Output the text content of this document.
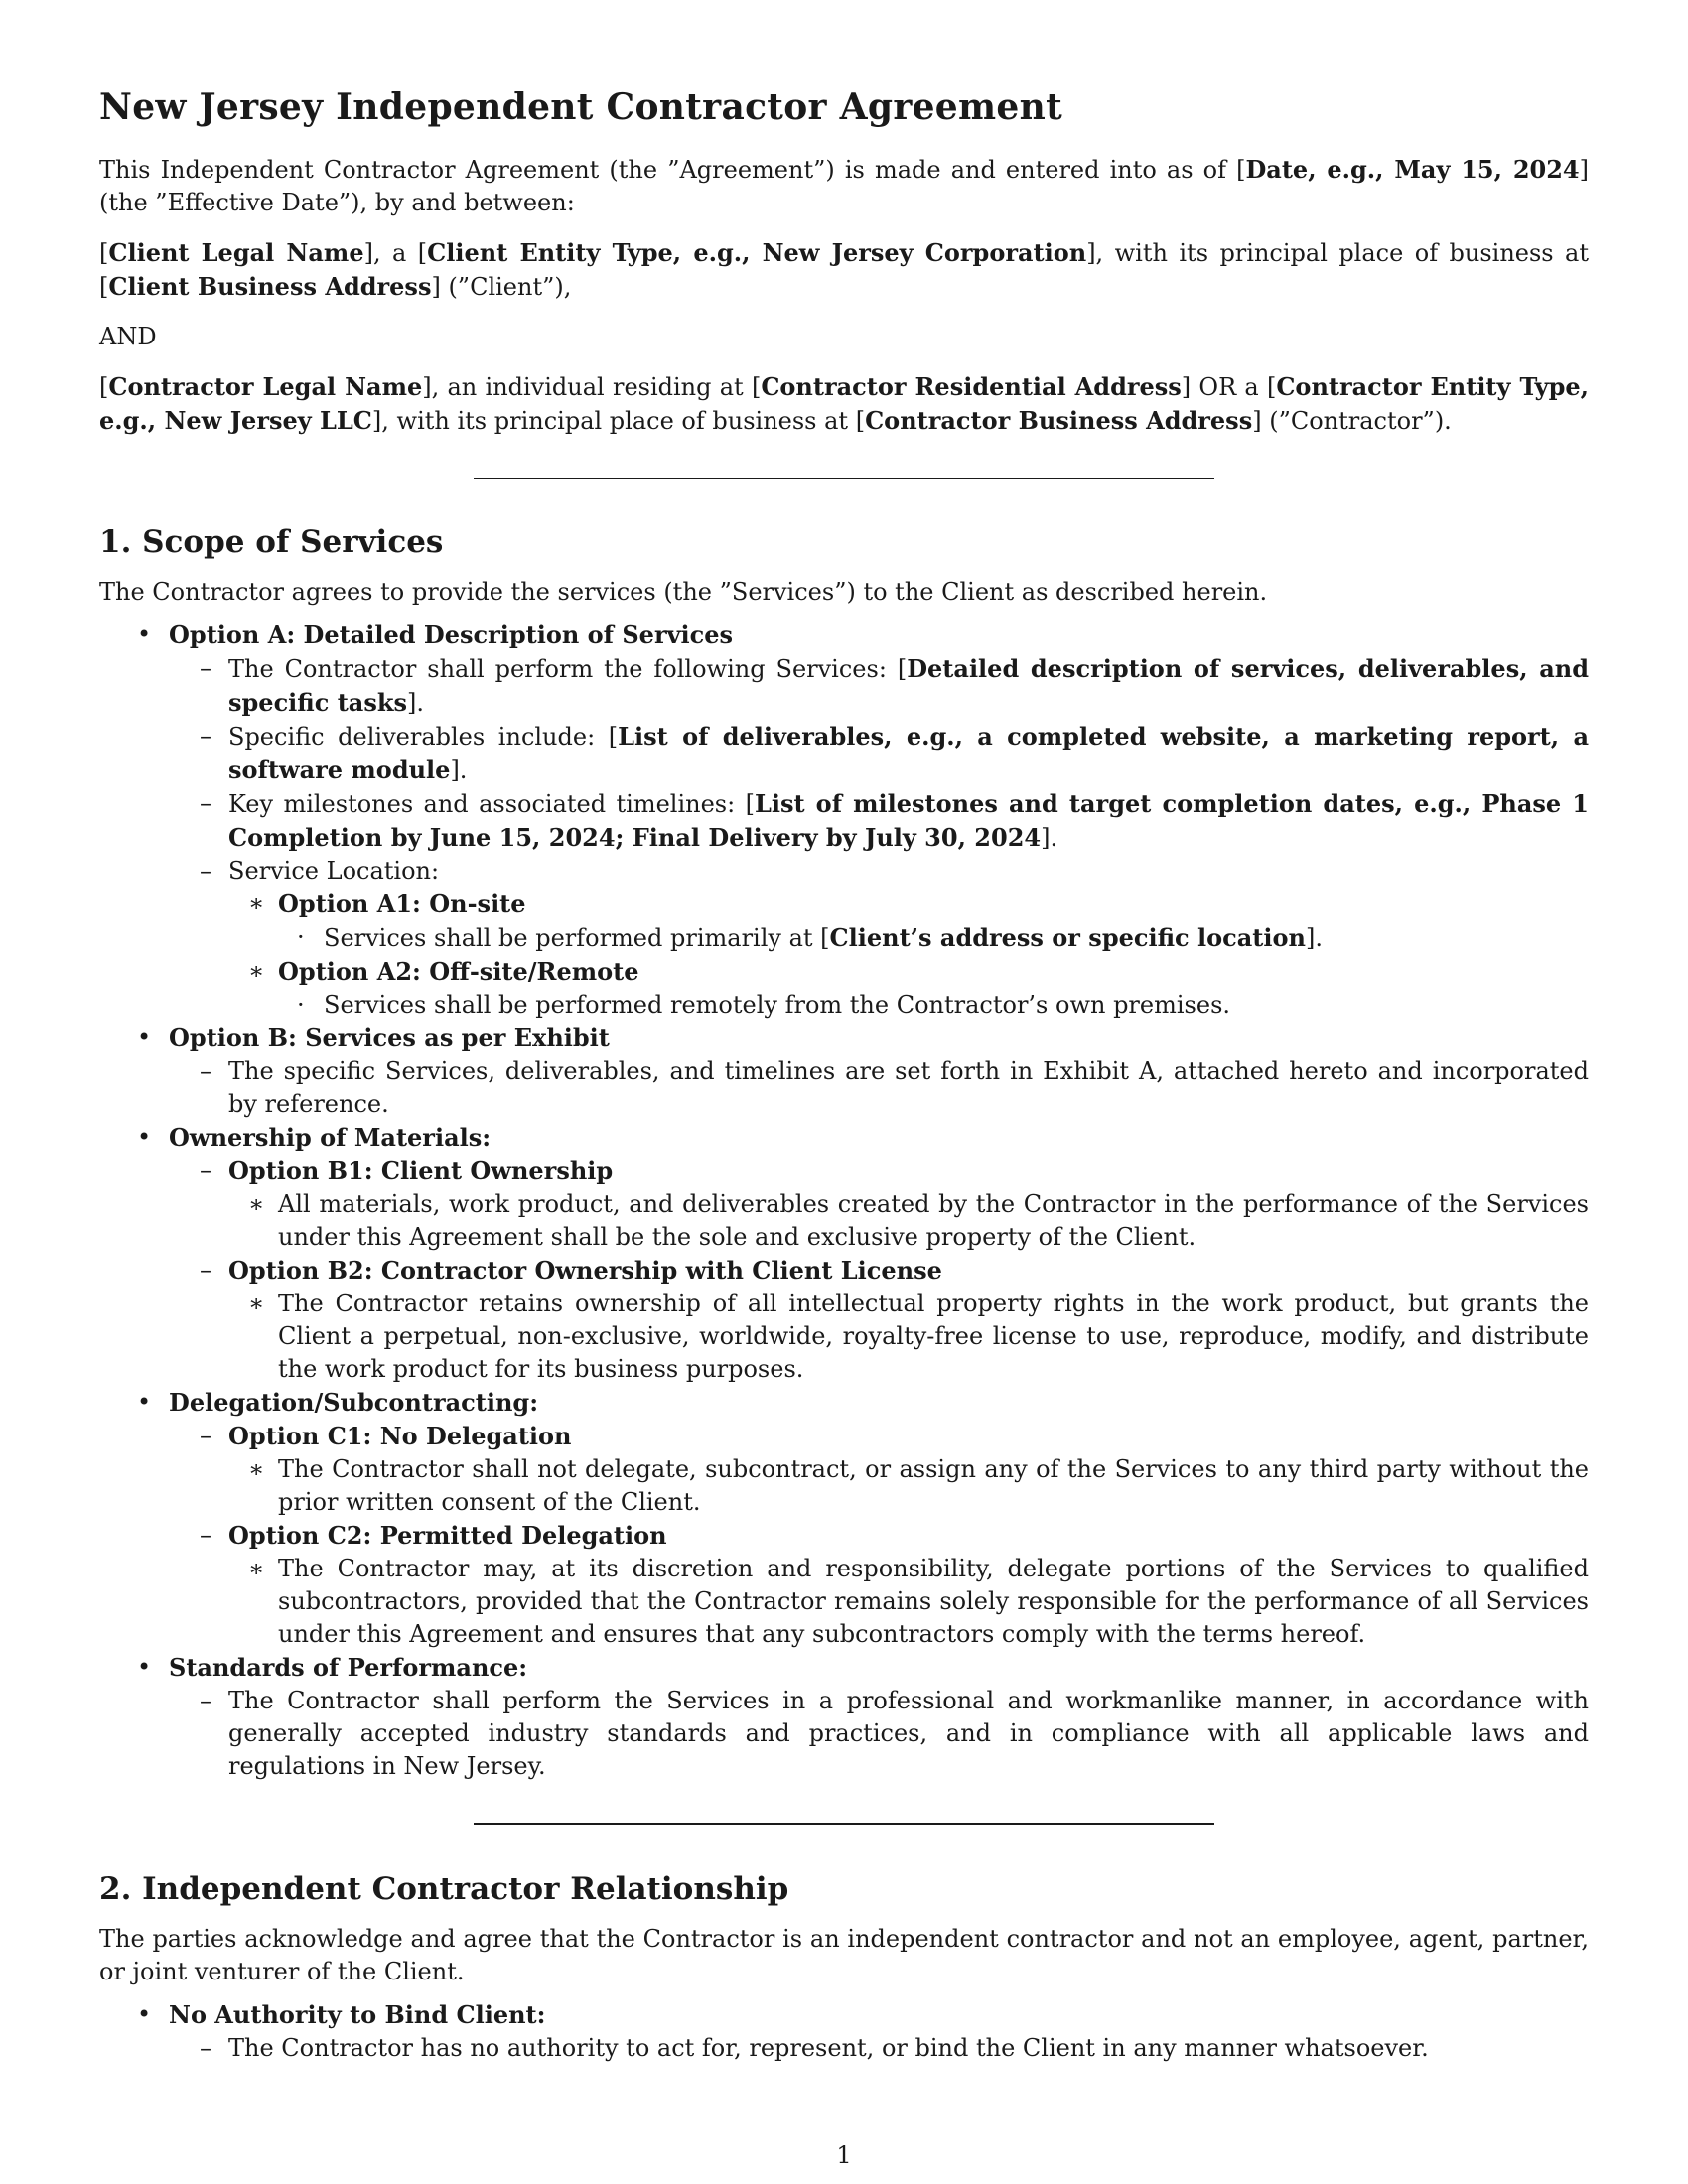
New Jersey Independent Contractor Agreement

This Independent Contractor Agreement (the ”Agreement”) is made and entered into as of [Date, e.g., May 15, 2024] (the ”Effective Date”), by and between:

[Client Legal Name], a [Client Entity Type, e.g., New Jersey Corporation], with its principal place of business at [Client Business Address] (”Client”),

AND

[Contractor Legal Name], an individual residing at [Contractor Residential Address] OR a [Contractor Entity Type, e.g., New Jersey LLC], with its principal place of business at [Contractor Business Address] (”Contractor”).

1. Scope of Services

The Contractor agrees to provide the services (the ”Services”) to the Client as described herein.

• Option A: Detailed Description of Services
– The Contractor shall perform the following Services: [Detailed description of services, deliverables, and specific tasks].
– Specific deliverables include: [List of deliverables, e.g., a completed website, a marketing report, a software module].
– Key milestones and associated timelines: [List of milestones and target completion dates, e.g., Phase 1 Completion by June 15, 2024; Final Delivery by July 30, 2024].
– Service Location:
∗ Option A1: On-site
· Services shall be performed primarily at [Client’s address or specific location].
∗ Option A2: Off-site/Remote
· Services shall be performed remotely from the Contractor’s own premises.
• Option B: Services as per Exhibit
– The specific Services, deliverables, and timelines are set forth in Exhibit A, attached hereto and incorporated by reference.
• Ownership of Materials:
– Option B1: Client Ownership
∗ All materials, work product, and deliverables created by the Contractor in the performance of the Services under this Agreement shall be the sole and exclusive property of the Client.
– Option B2: Contractor Ownership with Client License
∗ The Contractor retains ownership of all intellectual property rights in the work product, but grants the Client a perpetual, non-exclusive, worldwide, royalty-free license to use, reproduce, modify, and distribute the work product for its business purposes.
• Delegation/Subcontracting:
– Option C1: No Delegation
∗ The Contractor shall not delegate, subcontract, or assign any of the Services to any third party without the prior written consent of the Client.
– Option C2: Permitted Delegation
∗ The Contractor may, at its discretion and responsibility, delegate portions of the Services to qualified subcontractors, provided that the Contractor remains solely responsible for the performance of all Services under this Agreement and ensures that any subcontractors comply with the terms hereof.
• Standards of Performance:
– The Contractor shall perform the Services in a professional and workmanlike manner, in accordance with generally accepted industry standards and practices, and in compliance with all applicable laws and regulations in New Jersey.
2. Independent Contractor Relationship

The parties acknowledge and agree that the Contractor is an independent contractor and not an employee, agent, partner, or joint venturer of the Client.

• No Authority to Bind Client:
– The Contractor has no authority to act for, represent, or bind the Client in any manner whatsoever.
1
